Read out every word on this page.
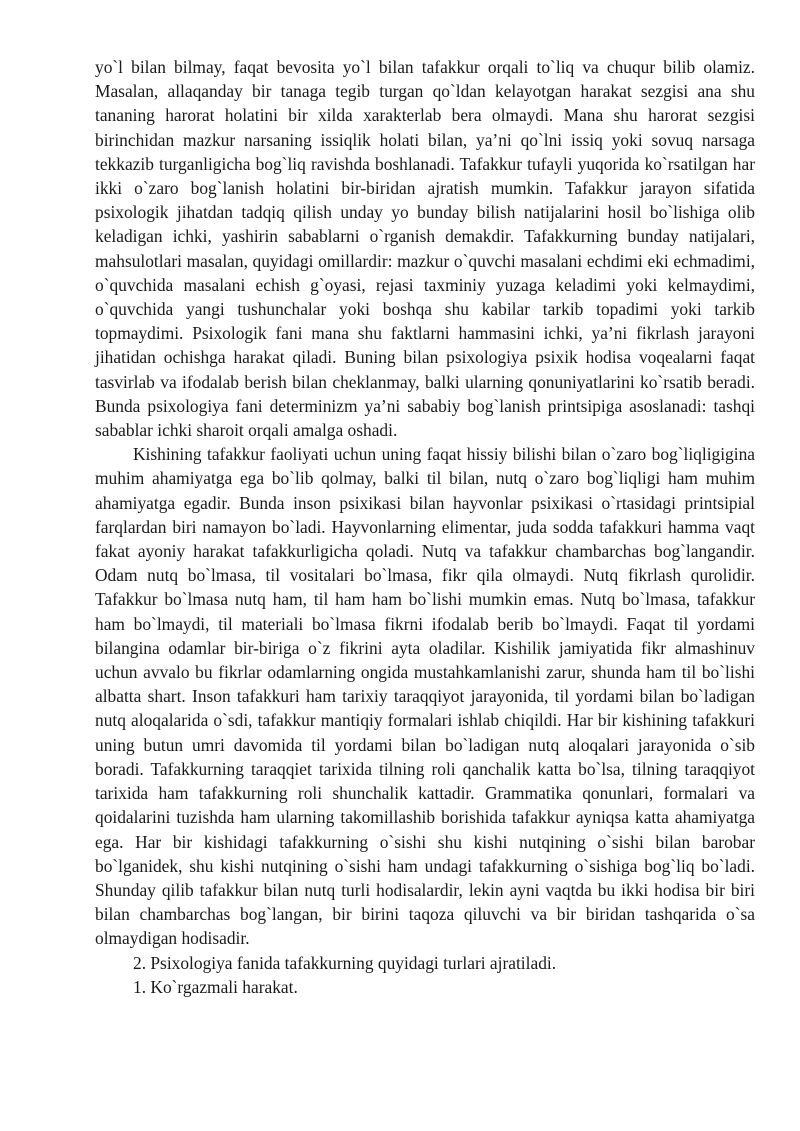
yo`l bilan bilmay, faqat bevosita yo`l bilan tafakkur orqali to`liq va chuqur bilib olamiz. Masalan, allaqanday bir tanaga tegib turgan qo`ldan kelayotgan harakat sezgisi ana shu tananing harorat holatini bir xilda xarakterlab bera olmaydi. Mana shu harorat sezgisi birinchidan mazkur narsaning issiqlik holati bilan, ya’ni qo`lni issiq yoki sovuq narsaga tekkazib turganligicha bog`liq ravishda boshlanadi. Tafakkur tufayli yuqorida ko`rsatilgan har ikki o`zaro bog`lanish holatini bir-biridan ajratish mumkin. Tafakkur jarayon sifatida psixologik jihatdan tadqiq qilish unday yo bunday bilish natijalarini hosil bo`lishiga olib keladigan ichki, yashirin sabablarni o`rganish demakdir. Tafakkurning bunday natijalari, mahsulotlari masalan, quyidagi omillardir: mazkur o`quvchi masalani echdimi eki echmadimi, o`quvchida masalani echish g`oyasi, rejasi taxminiy yuzaga keladimi yoki kelmaydimi, o`quvchida yangi tushunchalar yoki boshqa shu kabilar tarkib topadimi yoki tarkib topmaydimi. Psixologik fani mana shu faktlarni hammasini ichki, ya’ni fikrlash jarayoni jihatidan ochishga harakat qiladi. Buning bilan psixologiya psixik hodisa voqealarni faqat tasvirlab va ifodalab berish bilan cheklanmay, balki ularning qonuniyatlarini ko`rsatib beradi. Bunda psixologiya fani determinizm ya’ni sababiy bog`lanish printsipiga asoslanadi: tashqi sabablar ichki sharoit orqali amalga oshadi.

Kishining tafakkur faoliyati uchun uning faqat hissiy bilishi bilan o`zaro bog`liqligigina muhim ahamiyatga ega bo`lib qolmay, balki til bilan, nutq o`zaro bog`liqligi ham muhim ahamiyatga egadir. Bunda inson psixikasi bilan hayvonlar psixikasi o`rtasidagi printsipial farqlardan biri namayon bo`ladi. Hayvonlarning elimentar, juda sodda tafakkuri hamma vaqt fakat ayoniy harakat tafakkurligicha qoladi. Nutq va tafakkur chambarchas bog`langandir. Odam nutq bo`lmasa, til vositalari bo`lmasa, fikr qila olmaydi. Nutq fikrlash qurolidir. Tafakkur bo`lmasa nutq ham, til ham ham bo`lishi mumkin emas. Nutq bo`lmasa, tafakkur ham bo`lmaydi, til materiali bo`lmasa fikrni ifodalab berib bo`lmaydi. Faqat til yordami bilangina odamlar bir-biriga o`z fikrini ayta oladilar. Kishilik jamiyatida fikr almashinuv uchun avvalo bu fikrlar odamlarning ongida mustahkamlanishi zarur, shunda ham til bo`lishi albatta shart. Inson tafakkuri ham tarixiy taraqqiyot jarayonida, til yordami bilan bo`ladigan nutq aloqalarida o`sdi, tafakkur mantiqiy formalari ishlab chiqildi. Har bir kishining tafakkuri uning butun umri davomida til yordami bilan bo`ladigan nutq aloqalari jarayonida o`sib boradi. Tafakkurning taraqqiet tarixida tilning roli qanchalik katta bo`lsa, tilning taraqqiyot tarixida ham tafakkurning roli shunchalik kattadir. Grammatika qonunlari, formalari va qoidalarini tuzishda ham ularning takomillashib borishida tafakkur ayniqsa katta ahamiyatga ega. Har bir kishidagi tafakkurning o`sishi shu kishi nutqining o`sishi bilan barobar bo`lganidek, shu kishi nutqining o`sishi ham undagi tafakkurning o`sishiga bog`liq bo`ladi. Shunday qilib tafakkur bilan nutq turli hodisalardir, lekin ayni vaqtda bu ikki hodisa bir biri bilan chambarchas bog`langan, bir birini taqoza qiluvchi va bir biridan tashqarida o`sa olmaydigan hodisadir.

2. Psixologiya fanida tafakkurning quyidagi turlari ajratiladi.

1. Ko`rgazmali harakat.
